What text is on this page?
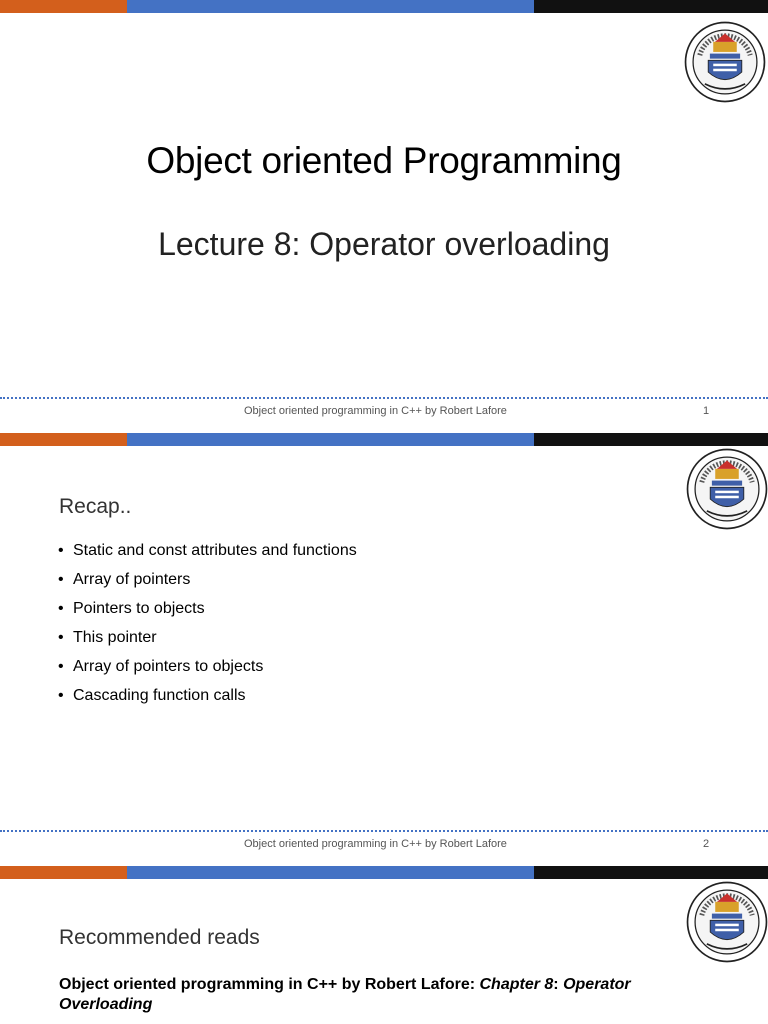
Object oriented Programming
Lecture 8: Operator overloading
Object oriented programming in C++ by Robert Lafore	1
Recap..
• Static and const attributes and functions
• Array of pointers
• Pointers to objects
• This pointer
• Array of pointers to objects
• Cascading function calls
Object oriented programming in C++ by Robert Lafore	2
Recommended reads
Object oriented programming in C++ by Robert Lafore: Chapter 8: Operator Overloading
